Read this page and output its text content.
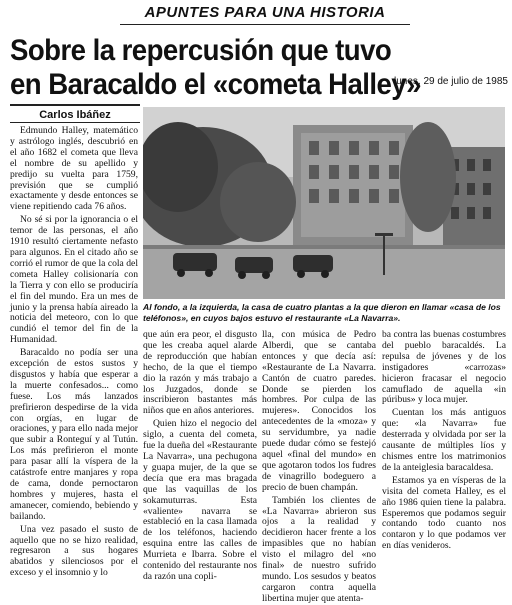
APUNTES PARA UNA HISTORIA
Sobre la repercusión que tuvo
en Baracaldo el «cometa Halley»
lunes, 29 de julio de 1985
Carlos Ibáñez

Edmundo Halley, matemático y astrólogo inglés, descubrió en el año 1682 el cometa que lleva el nombre de su apellido y predijo su vuelta para 1759, previsión que se cumplió exactamente y desde entonces se viene repitiendo cada 76 años.

No sé si por la ignorancia o el temor de las personas, el año 1910 resultó ciertamente nefasto para algunos. En el citado año se corrió el rumor de que la cola del cometa Halley colisionaría con la Tierra y con ello se produciría el fin del mundo. Era un mes de junio y la prensa había aireado la noticia del meteoro, con lo que cundió el temor del fin de la Humanidad.

Baracaldo no podía ser una excepción de estos sustos y disgustos y había que esperar a la muerte confesados... como fuese. Los más lanzados prefirieron despedirse de la vida con orgías, en lugar de oraciones, y para ello nada mejor que subir a Ronteguí y al Tutún. Los más prefirieron el monte para pasar allí la víspera de la catástrofe entre manjares y ropa de cama, donde pernoctaron hombres y mujeres, hasta el amanecer, comiendo, bebiendo y bailando.

Una vez pasado el susto de aquello que no se hizo realidad, regresaron a sus hogares abatidos y silenciosos por el exceso y el insomnio y lo

Al fondo, a la izquierda, la casa de cuatro plantas a la que dieron en llamar «casa de los teléfonos», en cuyos bajos estuvo el restaurante «La Navarra».

que aún era peor, el disgusto que les creaba aquel alarde de reproducción que habían hecho, de la que el tiempo dio la razón y más trabajo a los Juzgados, donde se inscribieron bastantes más niños que en años anteriores.

Quien hizo el negocio del siglo, a cuenta del cometa, fue la dueña del «Restaurante La Navarra», una pechugona y guapa mujer, de la que se decía que era mas bragada que las vaquillas de los sokamuturras. Esta «valiente» navarra se estableció en la casa llamada de los teléfonos, haciendo esquina entre las calles de Murrieta e Ibarra. Sobre el contenido del restaurante nos da razón una copli-

lla, con música de Pedro Alberdi, que se cantaba entonces y que decía así: «Restaurante de La Navarra. Cantón de cuatro paredes. Donde se pierden los hombres. Por culpa de las mujeres». Conocidos los antecedentes de la «moza» y su servidumbre, ya nadie puede dudar cómo se festejó aquel «final del mundo» en que agotaron todos los fudres de vinagrillo bodeguero a precio de buen champán.

También los clientes de «La Navarra» abrieron sus ojos a la realidad y decidieron hacer frente a los impasibles que no habían visto el milagro del «no final» de nuestro sufrido mundo. Los sesudos y beatos cargaron contra aquella libertina mujer que atenta-

ba contra las buenas costumbres del pueblo baracaldés. La repulsa de jóvenes y de los instigadores «carrozas» hicieron fracasar el negocio camuflado de aquella «in púribus» y loca mujer.

Cuentan los más antiguos que: «la Navarra» fue desterrada y olvidada por ser la causante de múltiples líos y chismes entre los matrimonios de la anteiglesia baracaldesa.

Estamos ya en vísperas de la visita del cometa Halley, es el año 1986 quien tiene la palabra. Esperemos que podamos seguir contando todo cuanto nos contaron y lo que podamos ver en días venideros.
